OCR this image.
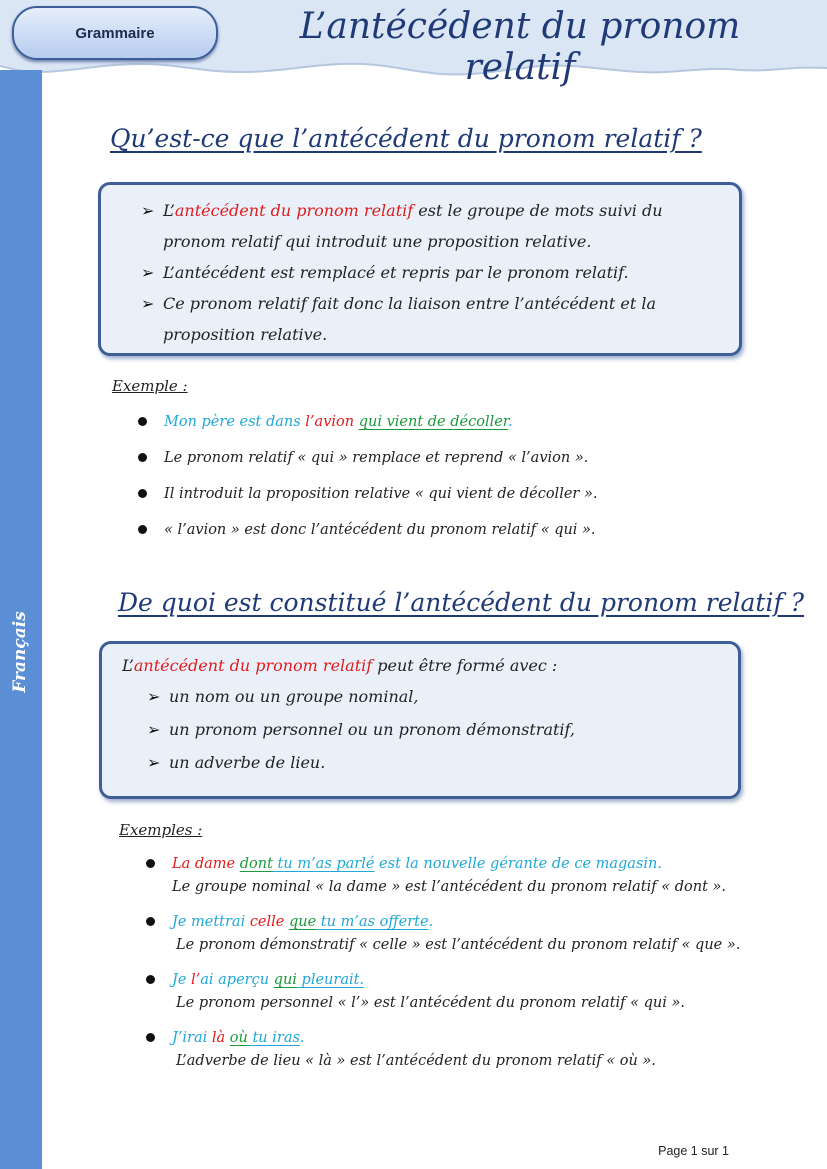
Français
Grammaire	L’antécédent du pronom relatif
Qu’est-ce que l’antécédent du pronom relatif ?
➢ L’antécédent du pronom relatif est le groupe de mots suivi du pronom relatif qui introduit une proposition relative.
➢ L’antécédent est remplacé et repris par le pronom relatif.
➢ Ce pronom relatif fait donc la liaison entre l’antécédent et la proposition relative.
Exemple :
Mon père est dans l’avion qui vient de décoller.
Le pronom relatif « qui » remplace et reprend « l’avion ».
Il introduit la proposition relative « qui vient de décoller ».
« l’avion » est donc l’antécédent du pronom relatif « qui ».
De quoi est constitué l’antécédent du pronom relatif ?
L’antécédent du pronom relatif peut être formé avec :
➢ un nom ou un groupe nominal,
➢ un pronom personnel ou un pronom démonstratif,
➢ un adverbe de lieu.
Exemples :
La dame dont tu m’as parlé est la nouvelle gérante de ce magasin.
Le groupe nominal « la dame » est l’antécédent du pronom relatif « dont ».
Je mettrai celle que tu m’as offerte.
Le pronom démonstratif « celle » est l’antécédent du pronom relatif « que ».
Je l’ai aperçu qui pleurait.
Le pronom personnel « l’» est l’antécédent du pronom relatif « qui ».
J’irai là où tu iras.
L’adverbe de lieu « là » est l’antécédent du pronom relatif « où ».
Page 1 sur 1
